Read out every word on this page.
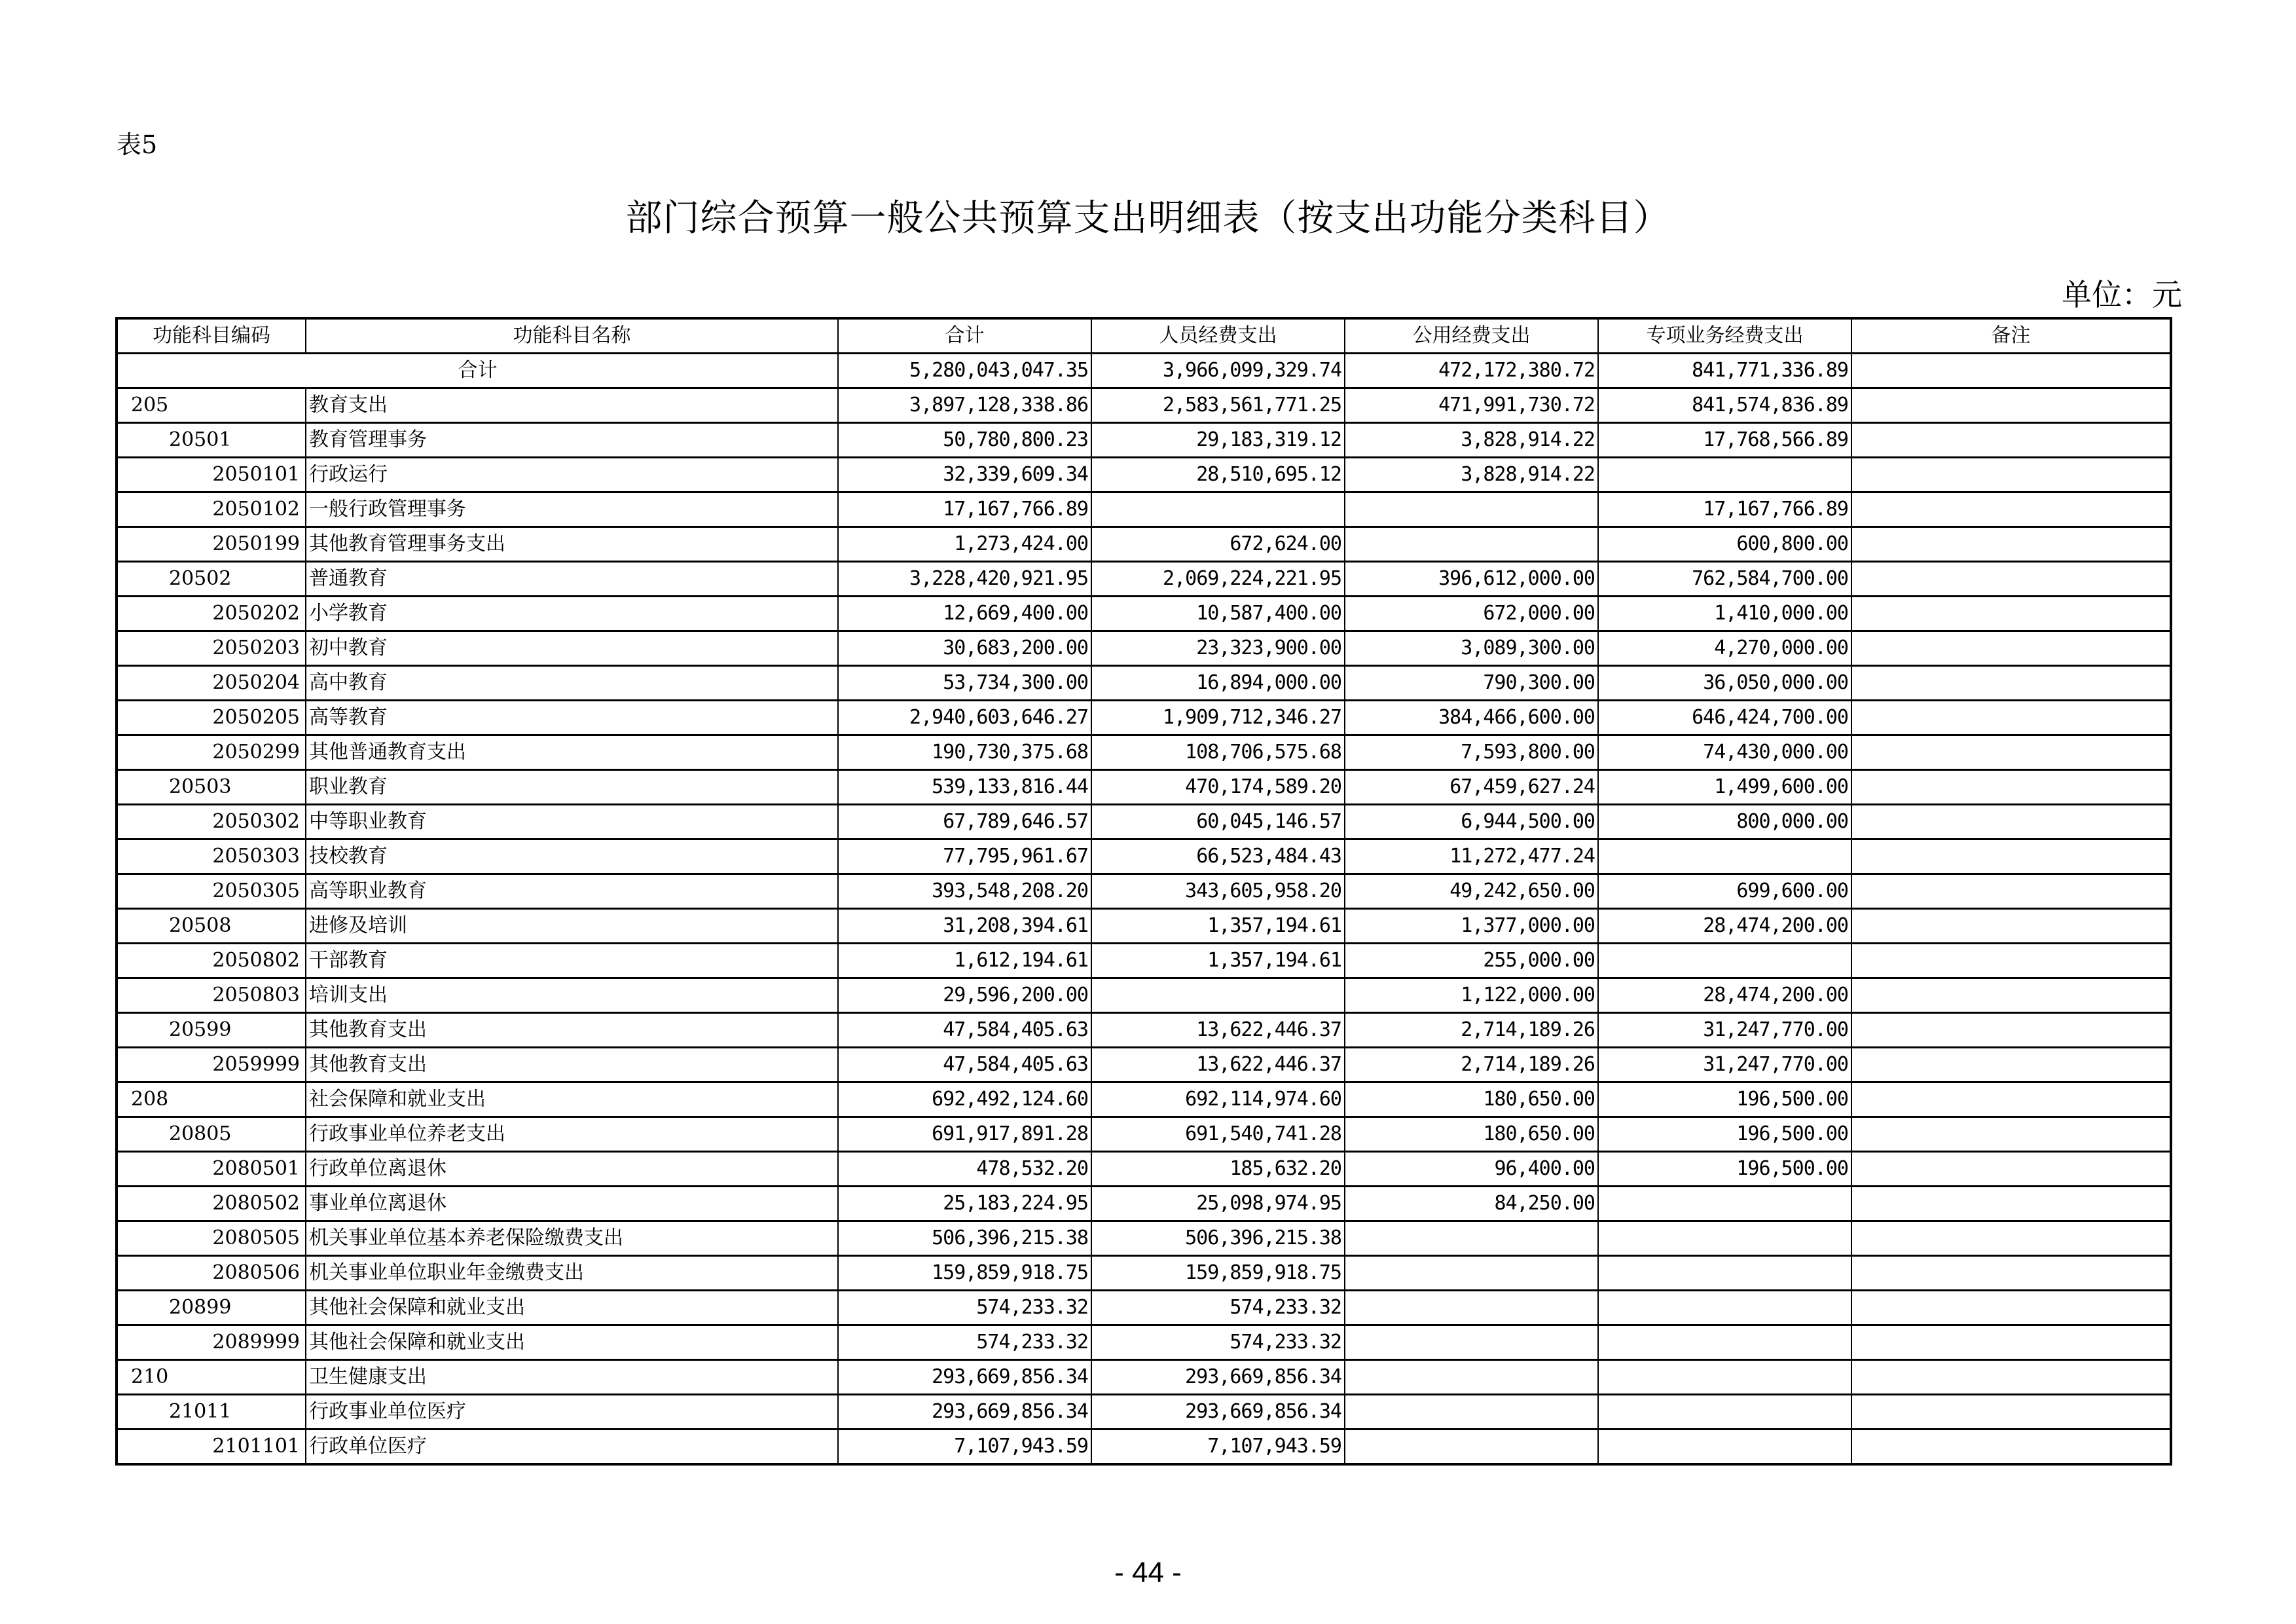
表5
部门综合预算一般公共预算支出明细表（按支出功能分类科目）
单位：元
功能科目编码	功能科目名称	合计	人员经费支出	公用经费支出	专项业务经费支出	备注
合计		5,280,043,047.35	3,966,099,329.74	472,172,380.72	841,771,336.89	
205	教育支出	3,897,128,338.86	2,583,561,771.25	471,991,730.72	841,574,836.89	
20501	教育管理事务	50,780,800.23	29,183,319.12	3,828,914.22	17,768,566.89	
2050101	行政运行	32,339,609.34	28,510,695.12	3,828,914.22		
2050102	一般行政管理事务	17,167,766.89			17,167,766.89	
2050199	其他教育管理事务支出	1,273,424.00	672,624.00		600,800.00	
20502	普通教育	3,228,420,921.95	2,069,224,221.95	396,612,000.00	762,584,700.00	
2050202	小学教育	12,669,400.00	10,587,400.00	672,000.00	1,410,000.00	
2050203	初中教育	30,683,200.00	23,323,900.00	3,089,300.00	4,270,000.00	
2050204	高中教育	53,734,300.00	16,894,000.00	790,300.00	36,050,000.00	
2050205	高等教育	2,940,603,646.27	1,909,712,346.27	384,466,600.00	646,424,700.00	
2050299	其他普通教育支出	190,730,375.68	108,706,575.68	7,593,800.00	74,430,000.00	
20503	职业教育	539,133,816.44	470,174,589.20	67,459,627.24	1,499,600.00	
2050302	中等职业教育	67,789,646.57	60,045,146.57	6,944,500.00	800,000.00	
2050303	技校教育	77,795,961.67	66,523,484.43	11,272,477.24		
2050305	高等职业教育	393,548,208.20	343,605,958.20	49,242,650.00	699,600.00	
20508	进修及培训	31,208,394.61	1,357,194.61	1,377,000.00	28,474,200.00	
2050802	干部教育	1,612,194.61	1,357,194.61	255,000.00		
2050803	培训支出	29,596,200.00		1,122,000.00	28,474,200.00	
20599	其他教育支出	47,584,405.63	13,622,446.37	2,714,189.26	31,247,770.00	
2059999	其他教育支出	47,584,405.63	13,622,446.37	2,714,189.26	31,247,770.00	
208	社会保障和就业支出	692,492,124.60	692,114,974.60	180,650.00	196,500.00	
20805	行政事业单位养老支出	691,917,891.28	691,540,741.28	180,650.00	196,500.00	
2080501	行政单位离退休	478,532.20	185,632.20	96,400.00	196,500.00	
2080502	事业单位离退休	25,183,224.95	25,098,974.95	84,250.00		
2080505	机关事业单位基本养老保险缴费支出	506,396,215.38	506,396,215.38			
2080506	机关事业单位职业年金缴费支出	159,859,918.75	159,859,918.75			
20899	其他社会保障和就业支出	574,233.32	574,233.32			
2089999	其他社会保障和就业支出	574,233.32	574,233.32			
210	卫生健康支出	293,669,856.34	293,669,856.34			
21011	行政事业单位医疗	293,669,856.34	293,669,856.34			
2101101	行政单位医疗	7,107,943.59	7,107,943.59			
- 44 -
